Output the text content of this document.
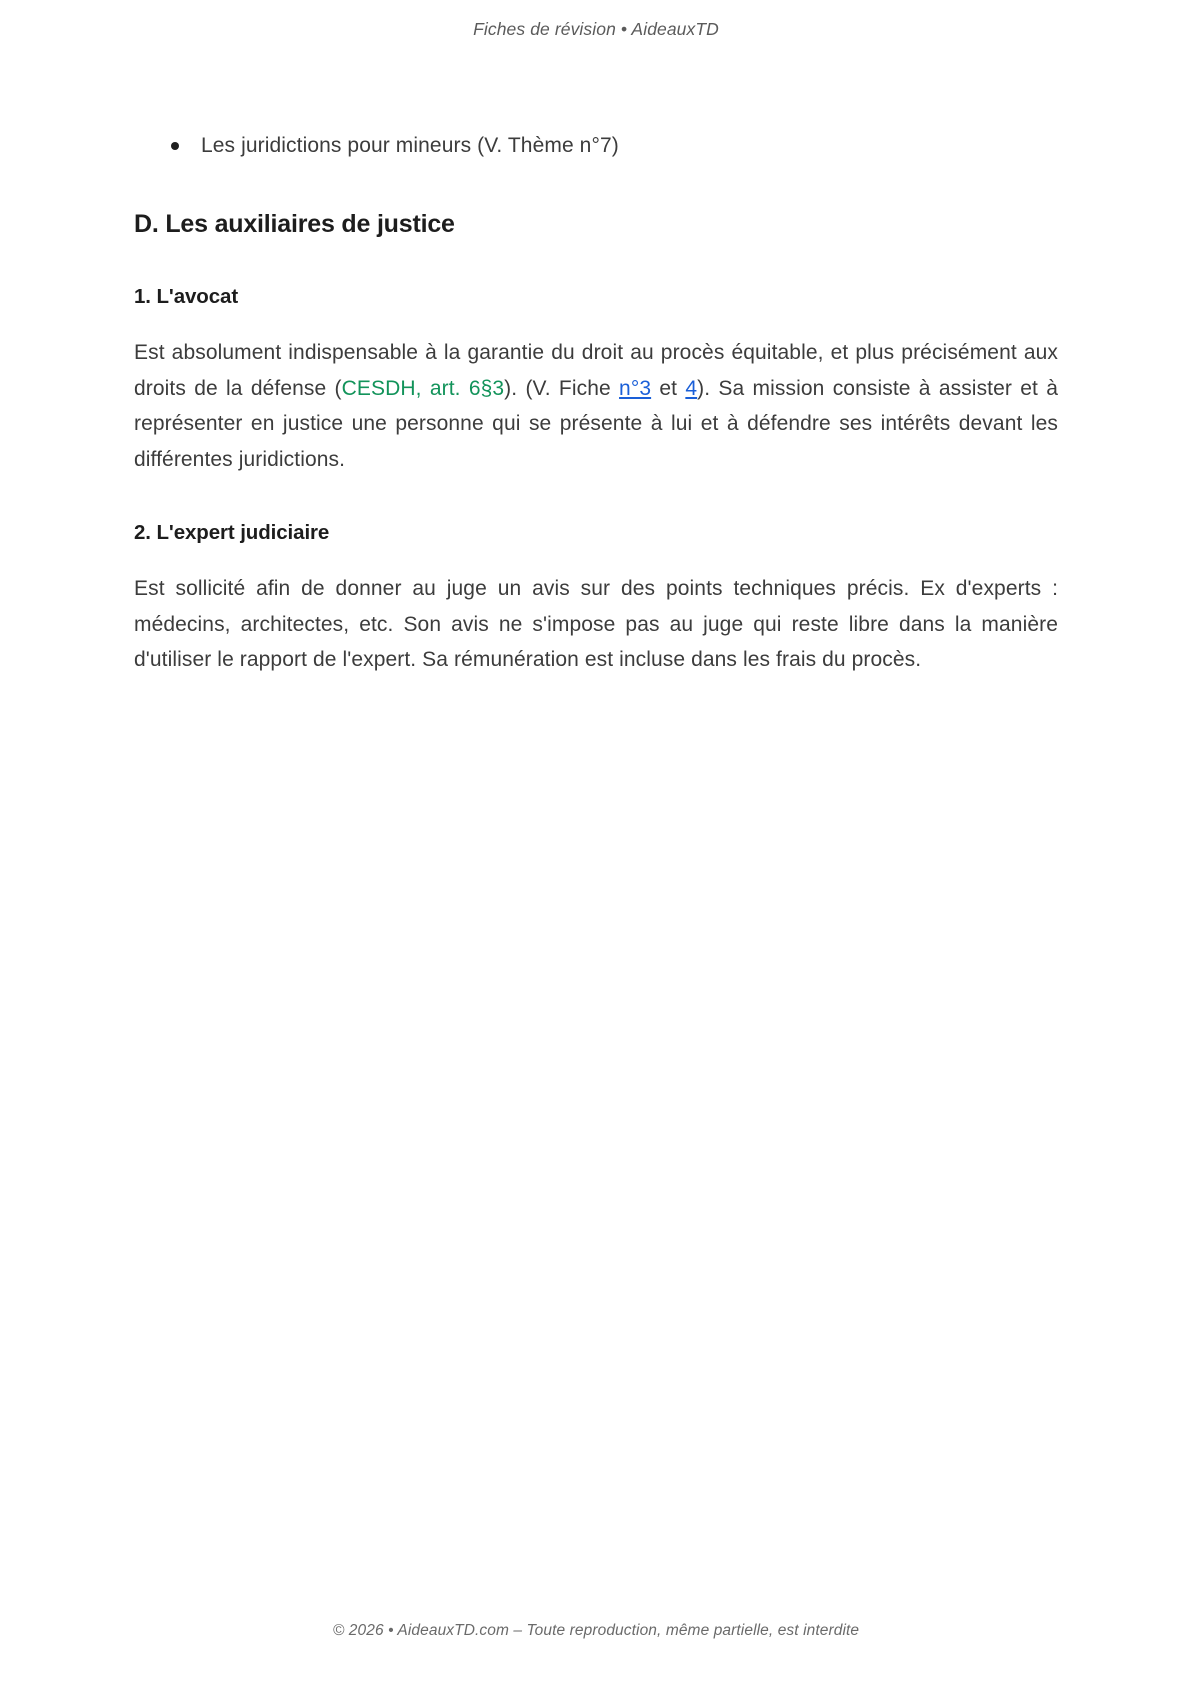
Fiches de révision • AideauxTD
Les juridictions pour mineurs (V. Thème n°7)
D. Les auxiliaires de justice
1. L'avocat

Est absolument indispensable à la garantie du droit au procès équitable, et plus précisément aux droits de la défense (CESDH, art. 6§3). (V. Fiche n°3 et 4). Sa mission consiste à assister et à représenter en justice une personne qui se présente à lui et à défendre ses intérêts devant les différentes juridictions.

2. L'expert judiciaire

Est sollicité afin de donner au juge un avis sur des points techniques précis. Ex d'experts : médecins, architectes, etc. Son avis ne s'impose pas au juge qui reste libre dans la manière d'utiliser le rapport de l'expert. Sa rémunération est incluse dans les frais du procès.

© 2026 • AideauxTD.com – Toute reproduction, même partielle, est interdite
